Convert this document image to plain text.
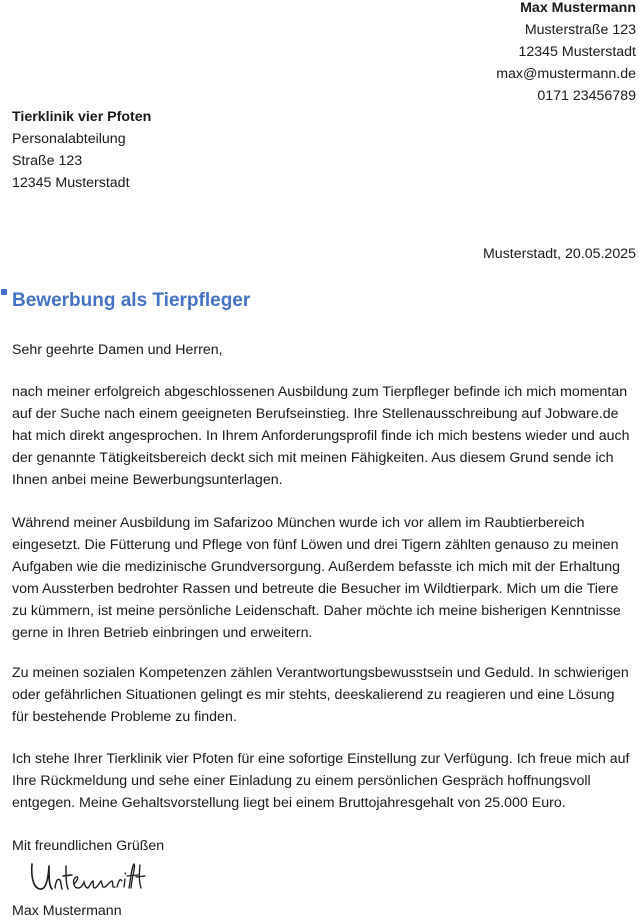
Max Mustermann
Musterstraße 123
12345 Musterstadt
max@mustermann.de
0171 23456789
Tierklinik vier Pfoten
Personalabteilung
Straße 123
12345 Musterstadt
Musterstadt, 20.05.2025
Bewerbung als Tierpfleger

Sehr geehrte Damen und Herren,

nach meiner erfolgreich abgeschlossenen Ausbildung zum Tierpfleger befinde ich mich momentan auf der Suche nach einem geeigneten Berufseinstieg. Ihre Stellenausschreibung auf Jobware.de hat mich direkt angesprochen. In Ihrem Anforderungsprofil finde ich mich bestens wieder und auch der genannte Tätigkeitsbereich deckt sich mit meinen Fähigkeiten. Aus diesem Grund sende ich Ihnen anbei meine Bewerbungsunterlagen.

Während meiner Ausbildung im Safarizoo München wurde ich vor allem im Raubtierbereich eingesetzt. Die Fütterung und Pflege von fünf Löwen und drei Tigern zählten genauso zu meinen Aufgaben wie die medizinische Grundversorgung. Außerdem befasste ich mich mit der Erhaltung vom Aussterben bedrohter Rassen und betreute die Besucher im Wildtierpark. Mich um die Tiere zu kümmern, ist meine persönliche Leidenschaft. Daher möchte ich meine bisherigen Kenntnisse gerne in Ihren Betrieb einbringen und erweitern.

Zu meinen sozialen Kompetenzen zählen Verantwortungsbewusstsein und Geduld. In schwierigen oder gefährlichen Situationen gelingt es mir stehts, deeskalierend zu reagieren und eine Lösung für bestehende Probleme zu finden.

Ich stehe Ihrer Tierklinik vier Pfoten für eine sofortige Einstellung zur Verfügung. Ich freue mich auf Ihre Rückmeldung und sehe einer Einladung zu einem persönlichen Gespräch hoffnungsvoll entgegen. Meine Gehaltsvorstellung liegt bei einem Bruttojahresgehalt von 25.000 Euro.

Mit freundlichen Grüßen

Max Mustermann
